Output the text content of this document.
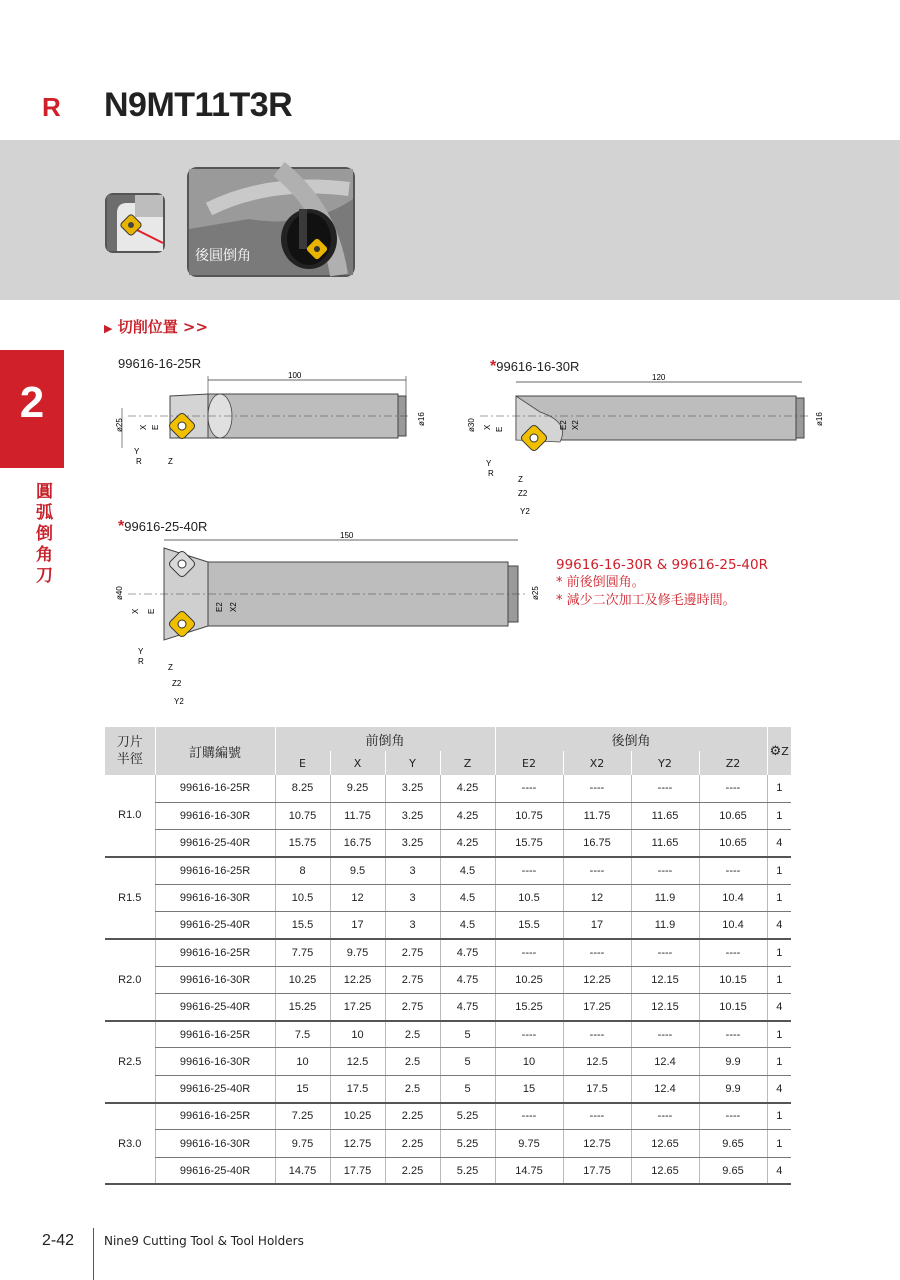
R N9MT11T3R
後圓倒角
▶ 切削位置 >>
2
圓弧倒角刀
99616-16-25R
100
ø25 X E
Y
R	Z
ø16
*99616-16-30R
120
ø30 X E	E2 X2
Y
R
Z
Z2
Y2
ø16
*99616-25-40R
150
ø40
X E	E2 X2
Y
R
Z
Z2
Y2
ø25
99616-16-30R & 99616-25-40R
* 前後倒圓角。
* 減少二次加工及修毛邊時間。
刀片
半徑	訂購編號	前倒角				後倒角				⚙Z
		E	X	Y	Z	E2	X2	Y2	Z2	
R1.0	99616-16-25R	8.25	9.25	3.25	4.25	----	----	----	----	1
	99616-16-30R	10.75	11.75	3.25	4.25	10.75	11.75	11.65	10.65	1
	99616-25-40R	15.75	16.75	3.25	4.25	15.75	16.75	11.65	10.65	4
R1.5	99616-16-25R	8	9.5	3	4.5	----	----	----	----	1
	99616-16-30R	10.5	12	3	4.5	10.5	12	11.9	10.4	1
	99616-25-40R	15.5	17	3	4.5	15.5	17	11.9	10.4	4
R2.0	99616-16-25R	7.75	9.75	2.75	4.75	----	----	----	----	1
	99616-16-30R	10.25	12.25	2.75	4.75	10.25	12.25	12.15	10.15	1
	99616-25-40R	15.25	17.25	2.75	4.75	15.25	17.25	12.15	10.15	4
R2.5	99616-16-25R	7.5	10	2.5	5	----	----	----	----	1
	99616-16-30R	10	12.5	2.5	5	10	12.5	12.4	9.9	1
	99616-25-40R	15	17.5	2.5	5	15	17.5	12.4	9.9	4
R3.0	99616-16-25R	7.25	10.25	2.25	5.25	----	----	----	----	1
	99616-16-30R	9.75	12.75	2.25	5.25	9.75	12.75	12.65	9.65	1
	99616-25-40R	14.75	17.75	2.25	5.25	14.75	17.75	12.65	9.65	4
2-42 Nine9 Cutting Tool & Tool Holders
